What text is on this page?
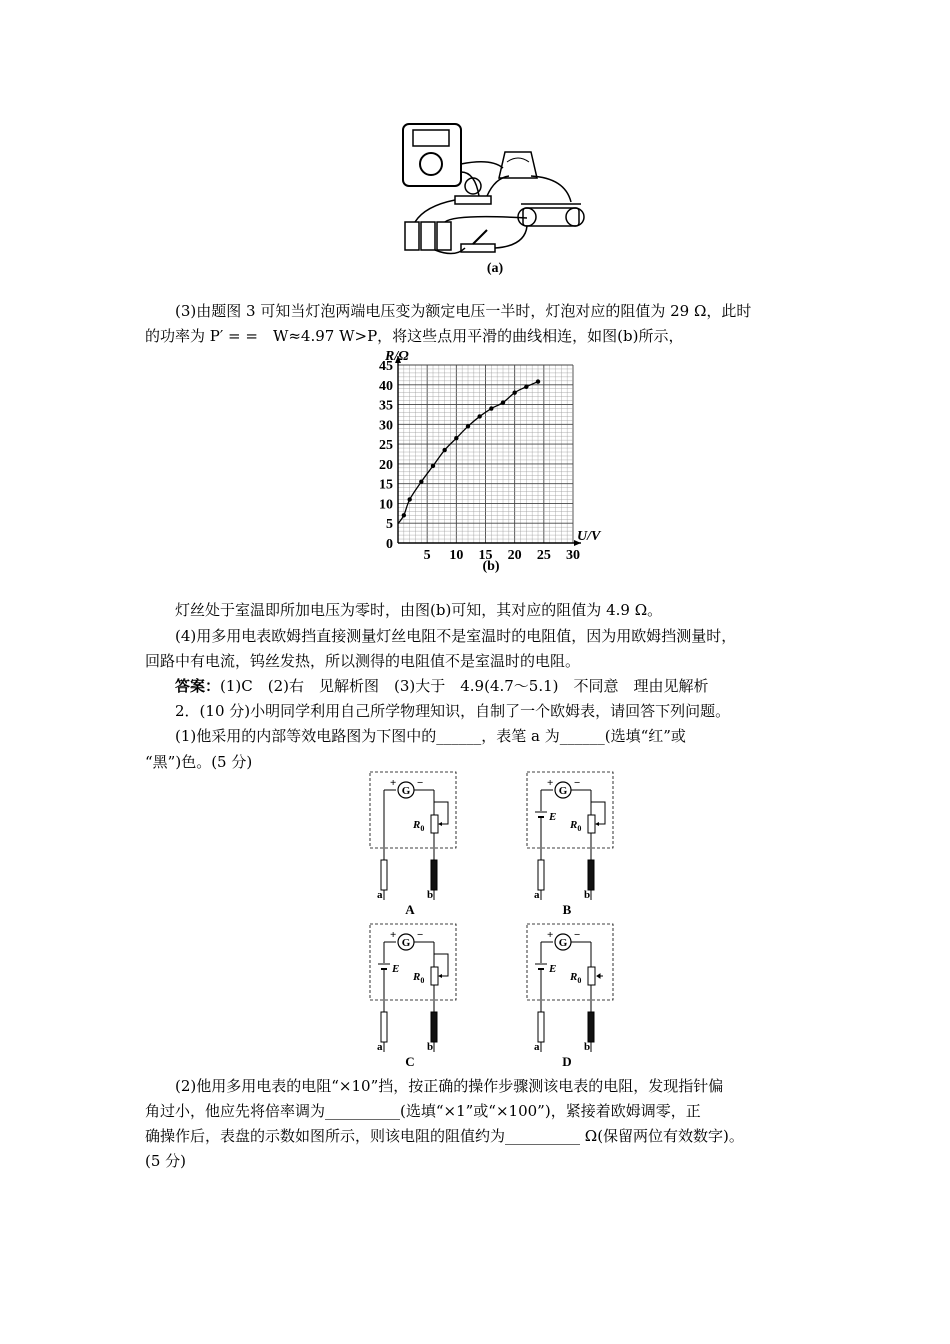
(a)
(3)由题图 3 可知当灯泡两端电压变为额定电压一半时，灯泡对应的阻值为 29 Ω，此时
的功率为 P′ = =　W≈4.97 W>P，将这些点用平滑的曲线相连，如图(b)所示，
0
5
10
15
20
25
30
35
40
45
5 10 15 20 25 30
R/Ω
U/V
(b)
灯丝处于室温即所加电压为零时，由图(b)可知，其对应的阻值为 4.9 Ω。
(4)用多用电表欧姆挡直接测量灯丝电阻不是室温时的电阻值，因为用欧姆挡测量时，
回路中有电流，钨丝发热，所以测得的电阻值不是室温时的电阻。
答案：(1)C　(2)右　见解析图　(3)大于　4.9(4.7～5.1)　不同意　理由见解析
2．(10 分)小明同学利用自己所学物理知识，自制了一个欧姆表，请回答下列问题。
(1)他采用的内部等效电路图为下图中的______，表笔 a 为______(选填“红”或
“黑”)色。(5 分)
G
+ −
$R_0$
a	b
A
G
+ −
E
$R_0$
a	b
B
G
+ −
E
$R_0$
a	b
C
G
+ −
E
$R_0$
a	b
D
(2)他用多用电表的电阻“×10”挡，按正确的操作步骤测该电表的电阻，发现指针偏
角过小，他应先将倍率调为__________(选填“×1”或“×100”)，紧接着欧姆调零，正
确操作后，表盘的示数如图所示，则该电阻的阻值约为__________ Ω(保留两位有效数字)。
(5 分)
